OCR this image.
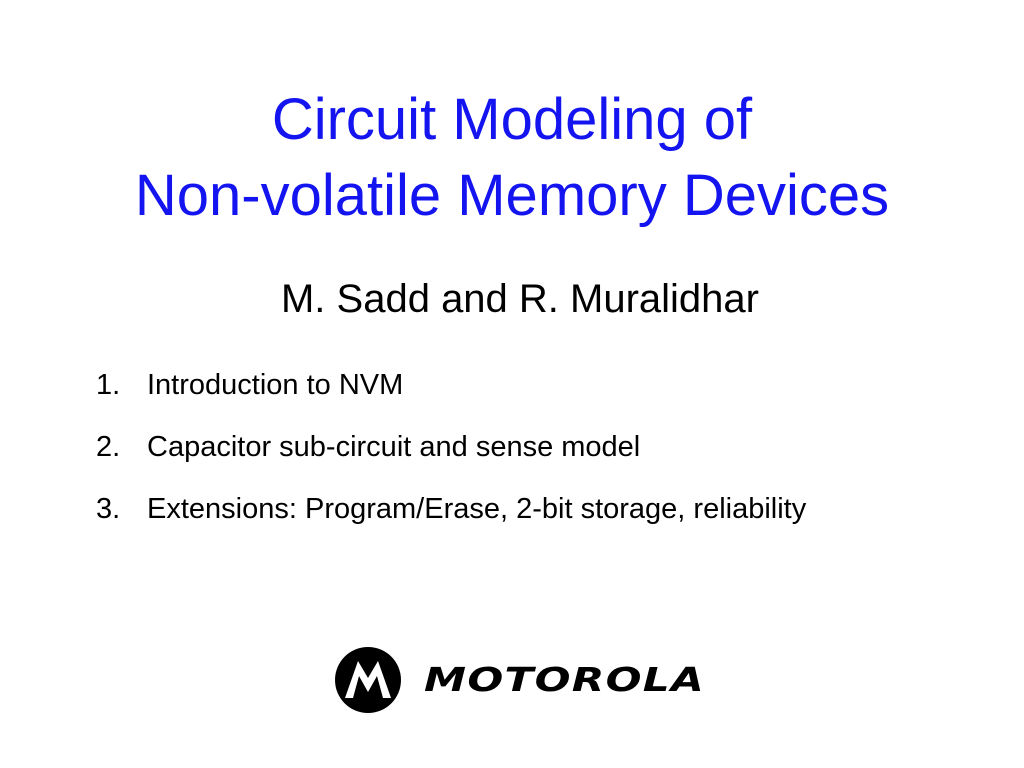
Circuit Modeling of
Non-volatile Memory Devices
M. Sadd and R. Muralidhar
1. Introduction to NVM
2. Capacitor sub-circuit and sense model
3. Extensions: Program/Erase, 2-bit storage, reliability
MOTOROLA
